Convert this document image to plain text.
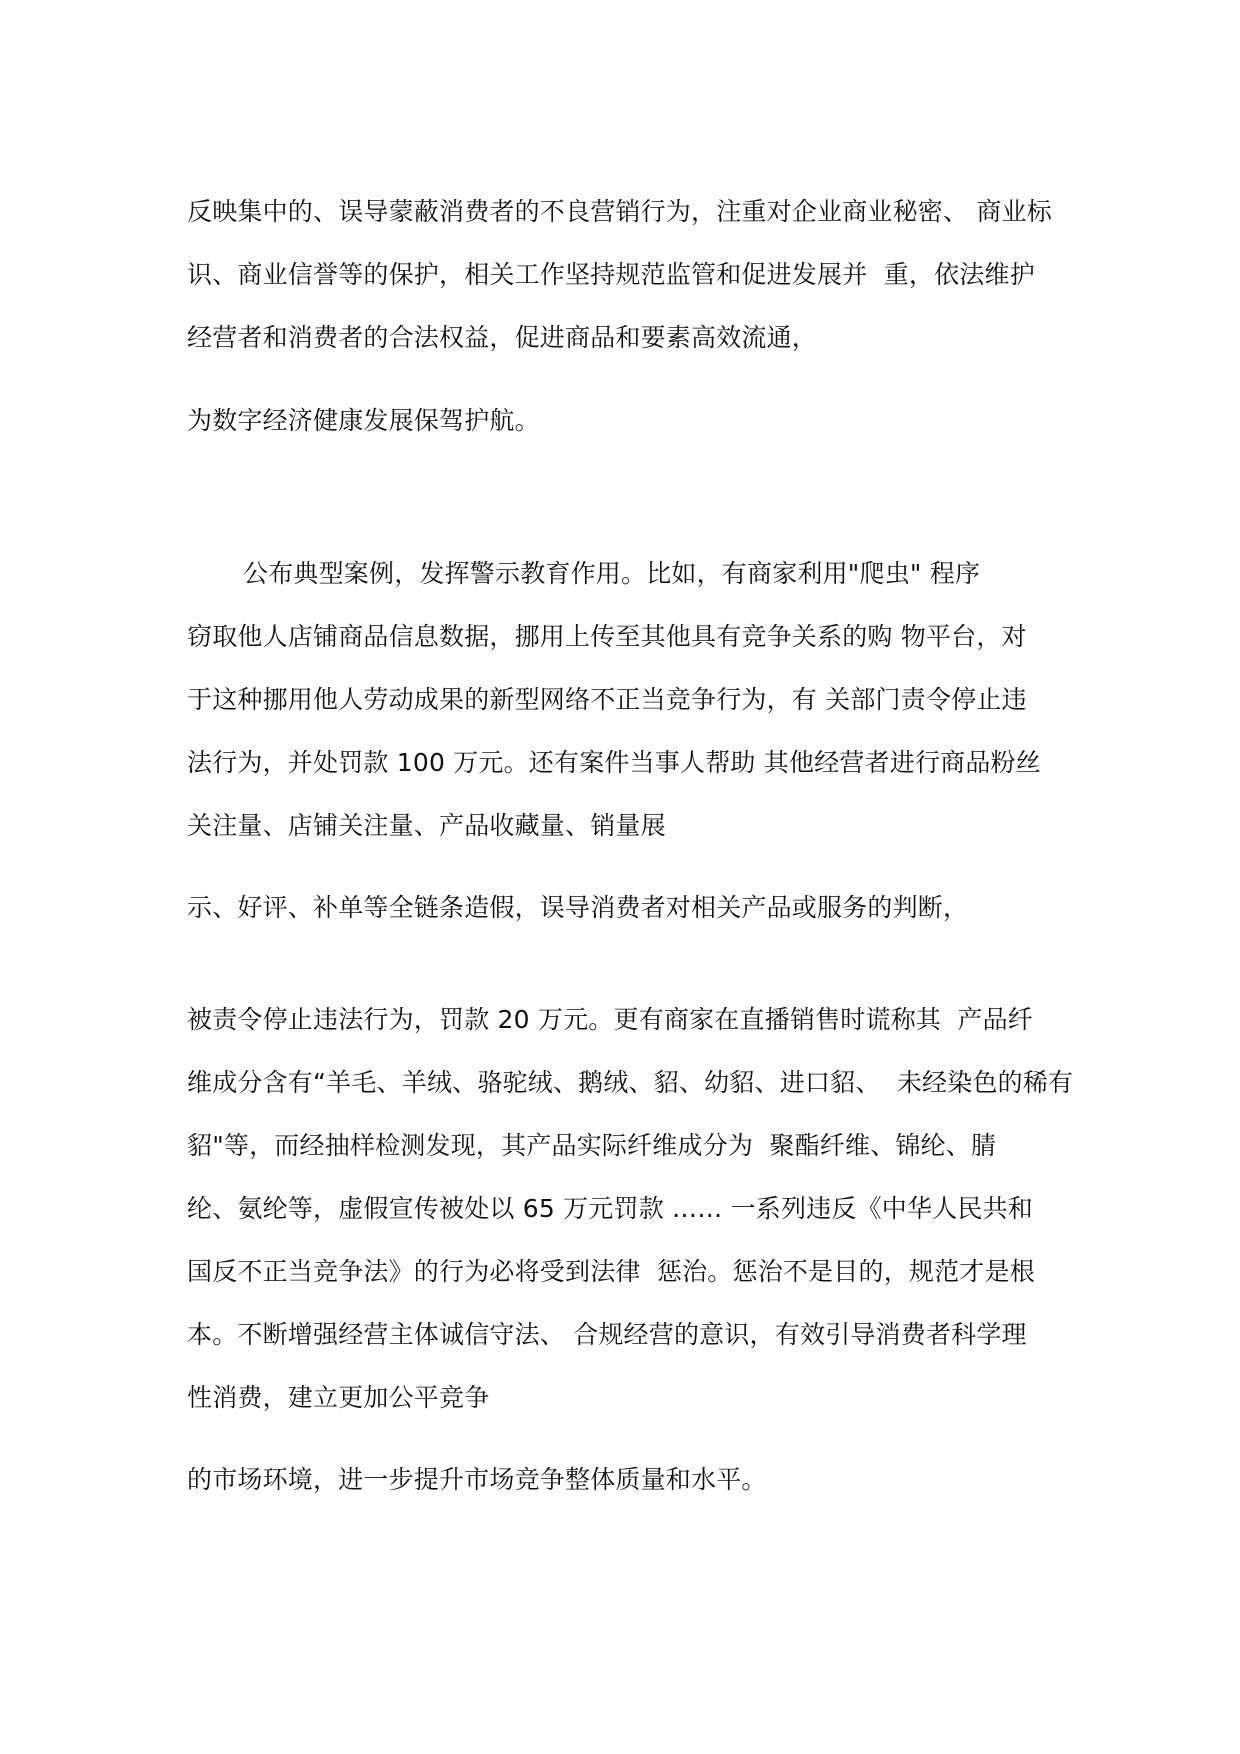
反映集中的、误导蒙蔽消费者的不良营销行为，注重对企业商业秘密、 商业标
识、商业信誉等的保护，相关工作坚持规范监管和促进发展并  重，依法维护
经营者和消费者的合法权益，促进商品和要素高效流通，
为数字经济健康发展保驾护航。
公布典型案例，发挥警示教育作用。比如，有商家利用"爬虫" 程序
窃取他人店铺商品信息数据，挪用上传至其他具有竞争关系的购 物平台，对
于这种挪用他人劳动成果的新型网络不正当竞争行为，有 关部门责令停止违
法行为，并处罚款 100 万元。还有案件当事人帮助 其他经营者进行商品粉丝
关注量、店铺关注量、产品收藏量、销量展
示、好评、补单等全链条造假，误导消费者对相关产品或服务的判断，
被责令停止违法行为，罚款 20 万元。更有商家在直播销售时谎称其  产品纤
维成分含有“羊毛、羊绒、骆驼绒、鹅绒、貂、幼貂、进口貂、  未经染色的稀有
貂"等，而经抽样检测发现，其产品实际纤维成分为  聚酯纤维、锦纶、腈
纶、氨纶等，虚假宣传被处以 65 万元罚款 …… 一系列违反《中华人民共和
国反不正当竞争法》的行为必将受到法律  惩治。惩治不是目的，规范才是根
本。不断增强经营主体诚信守法、 合规经营的意识，有效引导消费者科学理
性消费，建立更加公平竞争
的市场环境，进一步提升市场竞争整体质量和水平。
